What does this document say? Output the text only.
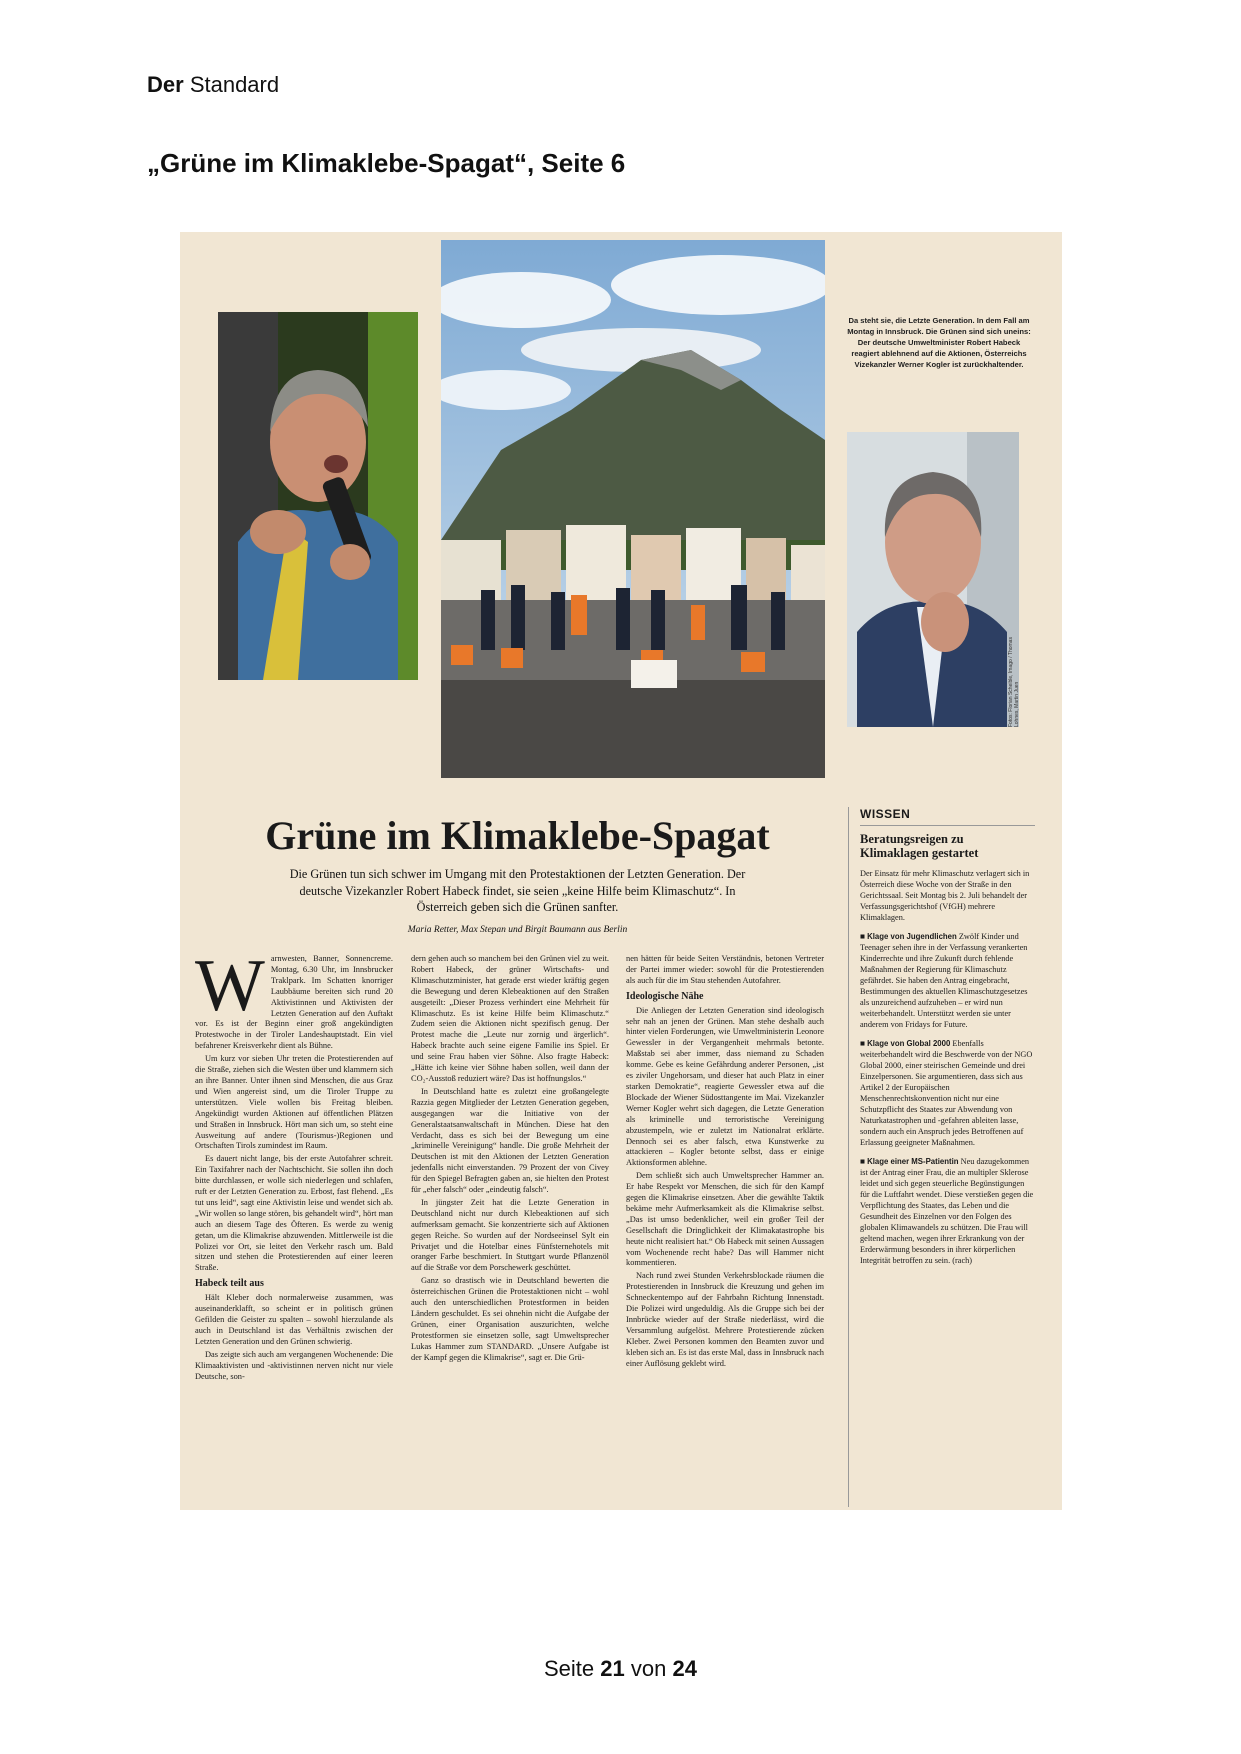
Der Standard
„Grüne im Klimaklebe-Spagat“, Seite 6
Da steht sie, die Letzte Generation. In dem Fall am Montag in Innsbruck. Die Grünen sind sich uneins: Der deutsche Umweltminister Robert Habeck reagiert ablehnend auf die Aktionen, Österreichs Vizekanzler Werner Kogler ist zurückhaltender.
Fotos: Florian Scheible, Imago / Thomas Lohnes, Martin Juen
Grüne im Klimaklebe-Spagat
Die Grünen tun sich schwer im Umgang mit den Protestaktionen der Letzten Generation. Der deutsche Vizekanzler Robert Habeck findet, sie seien „keine Hilfe beim Klimaschutz“. In Österreich geben sich die Grünen sanfter.
Maria Retter, Max Stepan und Birgit Baumann aus Berlin
W arnwesten, Banner, Sonnencreme. Montag, 6.30 Uhr, im Innsbrucker Traklpark. Im Schatten knorriger Laubbäume bereiten sich rund 20 Aktivistinnen und Aktivisten der Letzten Generation auf den Auftakt vor. Es ist der Beginn einer groß angekündigten Protestwoche in der Tiroler Landeshauptstadt. Ein viel befahrener Kreisverkehr dient als Bühne.

Um kurz vor sieben Uhr treten die Protestierenden auf die Straße, ziehen sich die Westen über und klammern sich an ihre Banner. Unter ihnen sind Menschen, die aus Graz und Wien angereist sind, um die Tiroler Truppe zu unterstützen. Viele wollen bis Freitag bleiben. Angekündigt wurden Aktionen auf öffentlichen Plätzen und Straßen in Innsbruck. Hört man sich um, so steht eine Ausweitung auf andere (Tourismus-)Regionen und Ortschaften Tirols zumindest im Raum.

Es dauert nicht lange, bis der erste Autofahrer schreit. Ein Taxifahrer nach der Nachtschicht. Sie sollen ihn doch bitte durchlassen, er wolle sich niederlegen und schlafen, ruft er der Letzten Generation zu. Erbost, fast flehend. „Es tut uns leid“, sagt eine Aktivistin leise und wendet sich ab. „Wir wollen so lange stören, bis gehandelt wird“, hört man auch an diesem Tage des Öfteren. Es werde zu wenig getan, um die Klimakrise abzuwenden. Mittlerweile ist die Polizei vor Ort, sie leitet den Verkehr rasch um. Bald sitzen und stehen die Protestierenden auf einer leeren Straße.

Habeck teilt aus

Hält Kleber doch normalerweise zusammen, was auseinanderklafft, so scheint er in politisch grünen Gefilden die Geister zu spalten – sowohl hierzulande als auch in Deutschland ist das Verhältnis zwischen der Letzten Generation und den Grünen schwierig.

Das zeigte sich auch am vergangenen Wochenende: Die Klimaaktivisten und -aktivistinnen nerven nicht nur viele Deutsche, son-

dern gehen auch so manchem bei den Grünen viel zu weit. Robert Habeck, der grüner Wirtschafts- und Klimaschutzminister, hat gerade erst wieder kräftig gegen die Bewegung und deren Klebeaktionen auf den Straßen ausgeteilt: „Dieser Prozess verhindert eine Mehrheit für Klimaschutz. Es ist keine Hilfe beim Klimaschutz.“ Zudem seien die Aktionen nicht spezifisch genug. Der Protest mache die „Leute nur zornig und ärgerlich“. Habeck brachte auch seine eigene Familie ins Spiel. Er und seine Frau haben vier Söhne. Also fragte Habeck: „Hätte ich keine vier Söhne haben sollen, weil dann der CO₂-Ausstoß reduziert wäre? Das ist hoffnungslos.“

In Deutschland hatte es zuletzt eine großangelegte Razzia gegen Mitglieder der Letzten Generation gegeben, ausgegangen war die Initiative von der Generalstaatsanwaltschaft in München. Diese hat den Verdacht, dass es sich bei der Bewegung um eine „kriminelle Vereinigung“ handle. Die große Mehrheit der Deutschen ist mit den Aktionen der Letzten Generation jedenfalls nicht einverstanden. 79 Prozent der von Civey für den Spiegel Befragten gaben an, sie hielten den Protest für „eher falsch“ oder „eindeutig falsch“.

In jüngster Zeit hat die Letzte Generation in Deutschland nicht nur durch Klebeaktionen auf sich aufmerksam gemacht. Sie konzentrierte sich auf Aktionen gegen Reiche. So wurden auf der Nordseeinsel Sylt ein Privatjet und die Hotelbar eines Fünfsternehotels mit oranger Farbe beschmiert. In Stuttgart wurde Pflanzenöl auf die Straße vor dem Porschewerk geschüttet.

Ganz so drastisch wie in Deutschland bewerten die österreichischen Grünen die Protestaktionen nicht – wohl auch den unterschiedlichen Protestformen in beiden Ländern geschuldet. Es sei ohnehin nicht die Aufgabe der Grünen, einer Organisation auszurichten, welche Protestformen sie einsetzen solle, sagt Umweltsprecher Lukas Hammer zum STANDARD. „Unsere Aufgabe ist der Kampf gegen die Klimakrise“, sagt er. Die Grü-

nen hätten für beide Seiten Verständnis, betonen Vertreter der Partei immer wieder: sowohl für die Protestierenden als auch für die im Stau stehenden Autofahrer.

Ideologische Nähe

Die Anliegen der Letzten Generation sind ideologisch sehr nah an jenen der Grünen. Man stehe deshalb auch hinter vielen Forderungen, wie Umweltministerin Leonore Gewessler in der Vergangenheit mehrmals betonte. Maßstab sei aber immer, dass niemand zu Schaden komme. Gebe es keine Gefährdung anderer Personen, „ist es ziviler Ungehorsam, und dieser hat auch Platz in einer starken Demokratie“, reagierte Gewessler etwa auf die Blockade der Wiener Südosttangente im Mai. Vizekanzler Werner Kogler wehrt sich dagegen, die Letzte Generation als kriminelle und terroristische Vereinigung abzustempeln, wie er zuletzt im Nationalrat erklärte. Dennoch sei es aber falsch, etwa Kunstwerke zu attackieren – Kogler betonte selbst, dass er einige Aktionsformen ablehne.

Dem schließt sich auch Umweltsprecher Hammer an. Er habe Respekt vor Menschen, die sich für den Kampf gegen die Klimakrise einsetzen. Aber die gewählte Taktik bekäme mehr Aufmerksamkeit als die Klimakrise selbst. „Das ist umso bedenklicher, weil ein großer Teil der Gesellschaft die Dringlichkeit der Klimakatastrophe bis heute nicht realisiert hat.“ Ob Habeck mit seinen Aussagen vom Wochenende recht habe? Das will Hammer nicht kommentieren.

Nach rund zwei Stunden Verkehrsblockade räumen die Protestierenden in Innsbruck die Kreuzung und gehen im Schneckentempo auf der Fahrbahn Richtung Innenstadt. Die Polizei wird ungeduldig. Als die Gruppe sich bei der Innbrücke wieder auf der Straße niederlässt, wird die Versammlung aufgelöst. Mehrere Protestierende zücken Kleber. Zwei Personen kommen den Beamten zuvor und kleben sich an. Es ist das erste Mal, dass in Innsbruck nach einer Auflösung geklebt wird.

WISSEN
Beratungsreigen zu Klimaklagen gestartet

Der Einsatz für mehr Klimaschutz verlagert sich in Österreich diese Woche von der Straße in den Gerichtssaal. Seit Montag bis 2. Juli behandelt der Verfassungsgerichtshof (VfGH) mehrere Klimaklagen.

■ Klage von Jugendlichen Zwölf Kinder und Teenager sehen ihre in der Verfassung verankerten Kinderrechte und ihre Zukunft durch fehlende Maßnahmen der Regierung für Klimaschutz gefährdet. Sie haben den Antrag eingebracht, Bestimmungen des aktuellen Klimaschutzgesetzes als unzureichend aufzuheben – er wird nun weiterbehandelt. Unterstützt werden sie unter anderem von Fridays for Future.

■ Klage von Global 2000 Ebenfalls weiterbehandelt wird die Beschwerde von der NGO Global 2000, einer steirischen Gemeinde und drei Einzelpersonen. Sie argumentieren, dass sich aus Artikel 2 der Europäischen Menschenrechtskonvention nicht nur eine Schutzpflicht des Staates zur Abwendung von Naturkatastrophen und -gefahren ableiten lasse, sondern auch ein Anspruch jedes Betroffenen auf Erlassung geeigneter Maßnahmen.

■ Klage einer MS-Patientin Neu dazugekommen ist der Antrag einer Frau, die an multipler Sklerose leidet und sich gegen steuerliche Begünstigungen für die Luftfahrt wendet. Diese verstießen gegen die Verpflichtung des Staates, das Leben und die Gesundheit des Einzelnen vor den Folgen des globalen Klimawandels zu schützen. Die Frau will geltend machen, wegen ihrer Erkrankung von der Erderwärmung besonders in ihrer körperlichen Integrität betroffen zu sein. (rach)

Seite 21 von 24
